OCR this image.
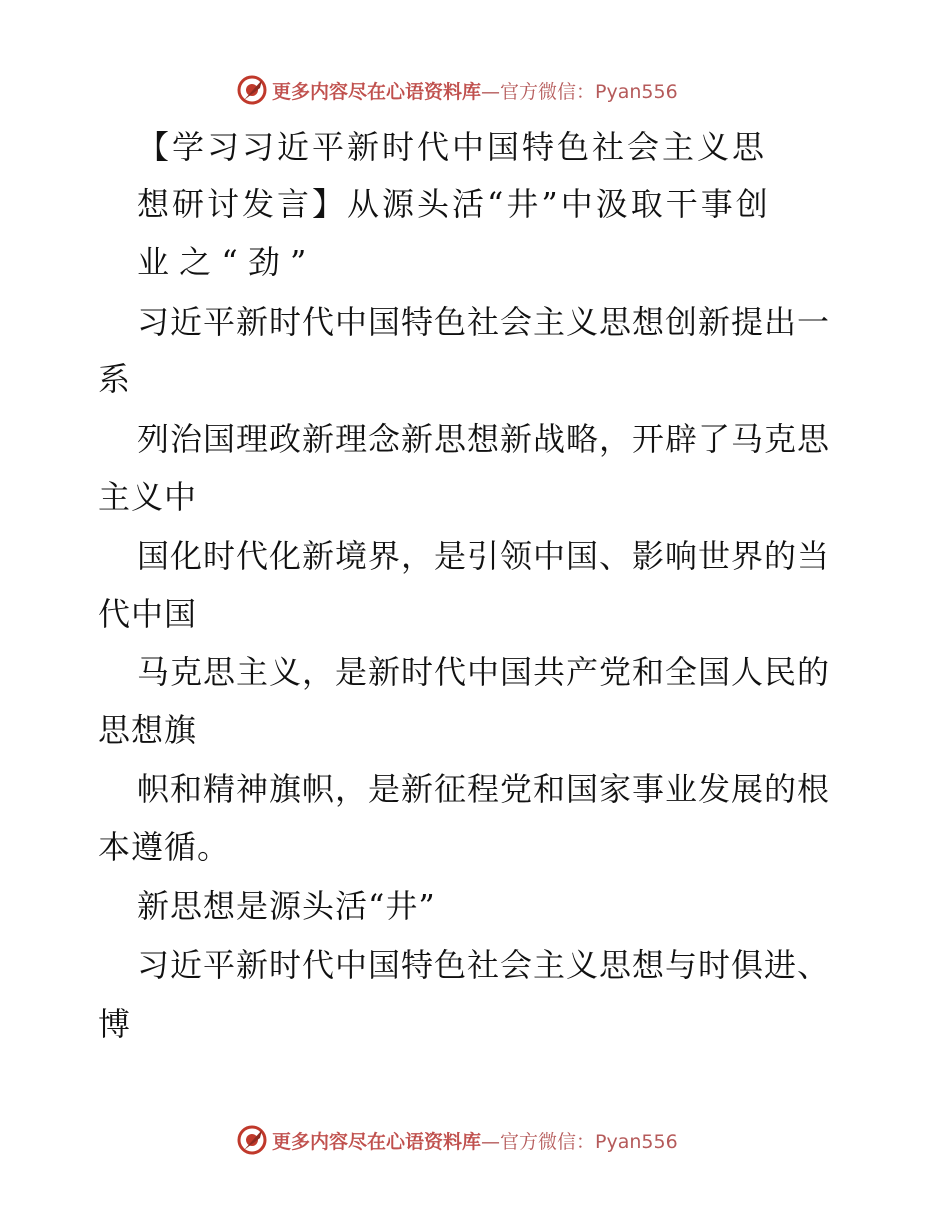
更多内容尽在心语资料库—官方微信：Pyan556
【学习习近平新时代中国特色社会主义思
想研讨发言】从源头活“井”中汲取干事创
业 之 “ 劲 ”
习近平新时代中国特色社会主义思想创新提出一
系
列治国理政新理念新思想新战略，开辟了马克思
主义中
国化时代化新境界，是引领中国、影响世界的当
代中国
马克思主义，是新时代中国共产党和全国人民的
思想旗
帜和精神旗帜，是新征程党和国家事业发展的根
本遵循。
新思想是源头活“井”
习近平新时代中国特色社会主义思想与时俱进、
博
更多内容尽在心语资料库—官方微信：Pyan556
